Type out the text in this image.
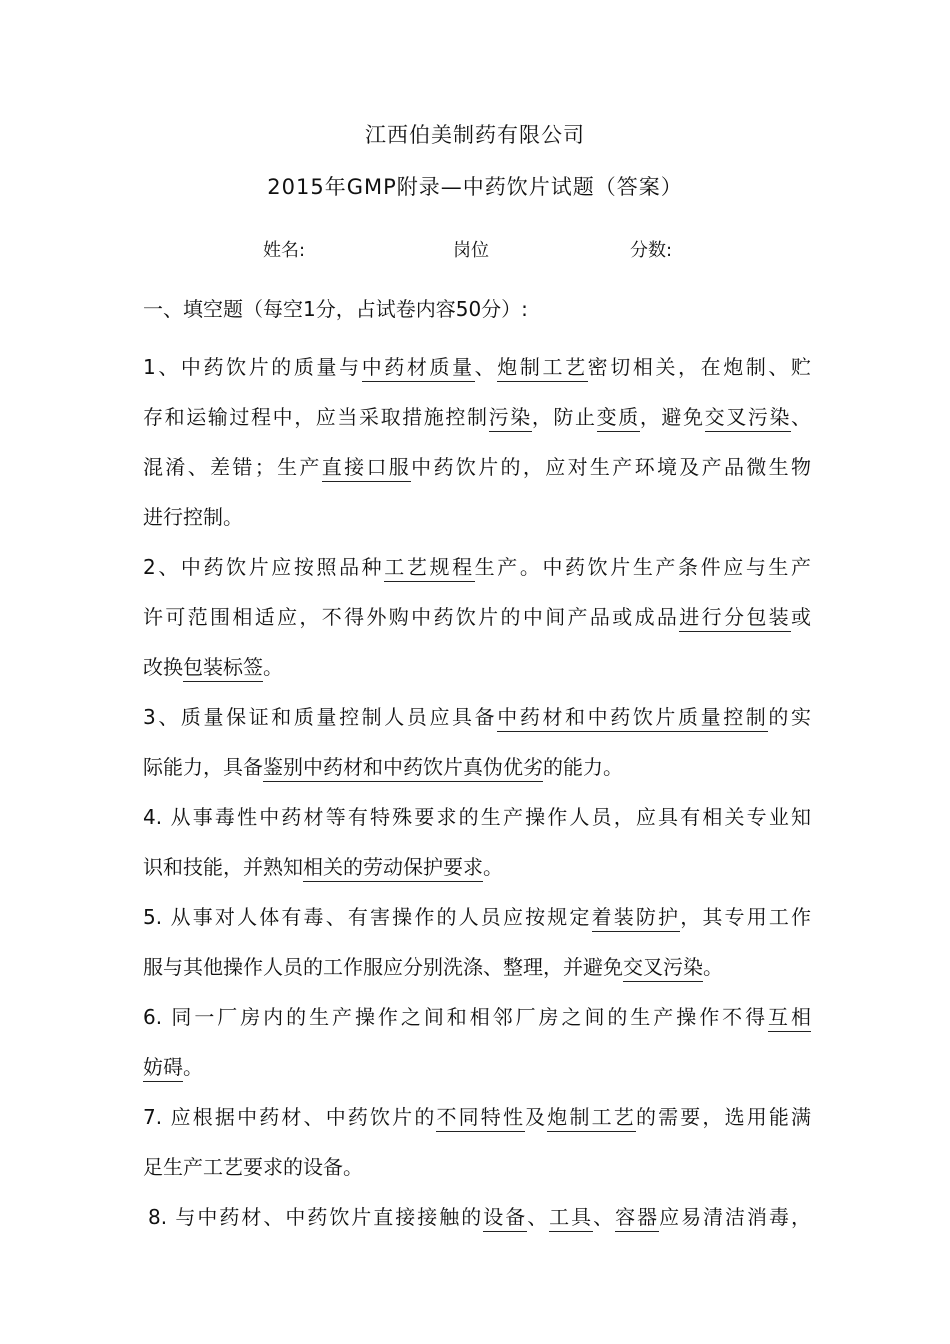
江西伯美制药有限公司
2015年GMP附录—中药饮片试题（答案）
姓名:	岗位	分数:
一、填空题（每空1分，占试卷内容50分）:
1、中药饮片的质量与中药材质量、炮制工艺密切相关，在炮制、贮
存和运输过程中，应当采取措施控制污染，防止变质，避免交叉污染、
混淆、差错；生产直接口服中药饮片的，应对生产环境及产品微生物
进行控制。
2、中药饮片应按照品种工艺规程生产。中药饮片生产条件应与生产
许可范围相适应，不得外购中药饮片的中间产品或成品进行分包装或
改换包装标签。
3、质量保证和质量控制人员应具备中药材和中药饮片质量控制的实
际能力，具备鉴别中药材和中药饮片真伪优劣的能力。
4. 从事毒性中药材等有特殊要求的生产操作人员，应具有相关专业知
识和技能，并熟知相关的劳动保护要求。
5. 从事对人体有毒、有害操作的人员应按规定着装防护，其专用工作
服与其他操作人员的工作服应分别洗涤、整理，并避免交叉污染。
6. 同一厂房内的生产操作之间和相邻厂房之间的生产操作不得互相
妨碍。
7. 应根据中药材、中药饮片的不同特性及炮制工艺的需要，选用能满
足生产工艺要求的设备。
8. 与中药材、中药饮片直接接触的设备、工具、容器应易清洁消毒，
